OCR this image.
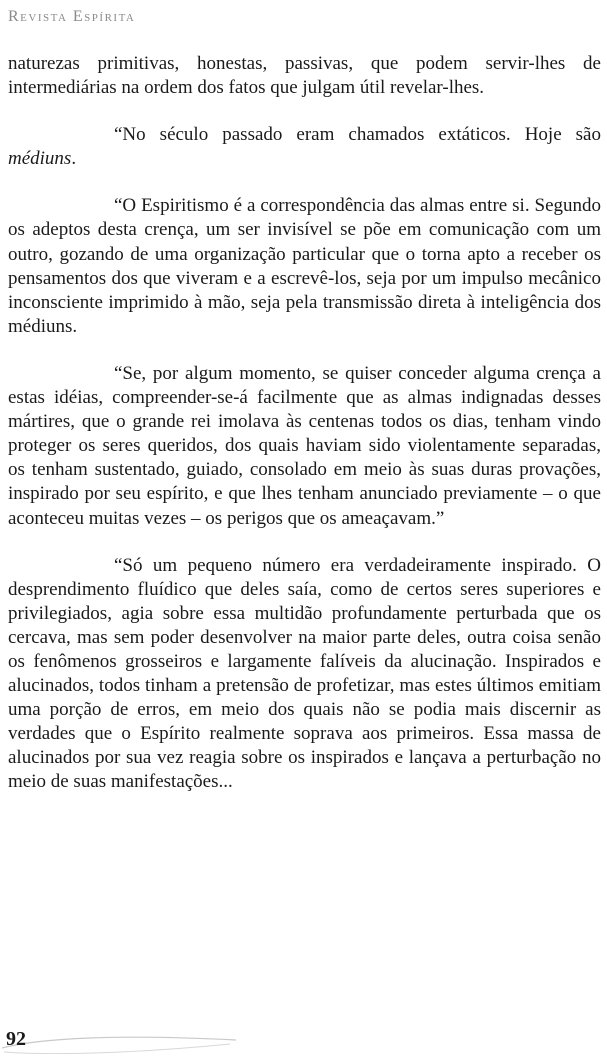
Revista Espírita

naturezas primitivas, honestas, passivas, que podem servir-lhes de intermediárias na ordem dos fatos que julgam útil revelar-lhes.

“No século passado eram chamados extáticos. Hoje são médiuns.

“O Espiritismo é a correspondência das almas entre si. Segundo os adeptos desta crença, um ser invisível se põe em comunicação com um outro, gozando de uma organização particular que o torna apto a receber os pensamentos dos que viveram e a escrevê-los, seja por um impulso mecânico inconsciente imprimido à mão, seja pela transmissão direta à inteligência dos médiuns.

“Se, por algum momento, se quiser conceder alguma crença a estas idéias, compreender-se-á facilmente que as almas indignadas desses mártires, que o grande rei imolava às centenas todos os dias, tenham vindo proteger os seres queridos, dos quais haviam sido violentamente separadas, os tenham sustentado, guiado, consolado em meio às suas duras provações, inspirado por seu espírito, e que lhes tenham anunciado previamente – o que aconteceu muitas vezes – os perigos que os ameaçavam.”

“Só um pequeno número era verdadeiramente inspirado. O desprendimento fluídico que deles saía, como de certos seres superiores e privilegiados, agia sobre essa multidão profundamente perturbada que os cercava, mas sem poder desenvolver na maior parte deles, outra coisa senão os fenômenos grosseiros e largamente falíveis da alucinação. Inspirados e alucinados, todos tinham a pretensão de profetizar, mas estes últimos emitiam uma porção de erros, em meio dos quais não se podia mais discernir as verdades que o Espírito realmente soprava aos primeiros. Essa massa de alucinados por sua vez reagia sobre os inspirados e lançava a perturbação no meio de suas manifestações...

92
